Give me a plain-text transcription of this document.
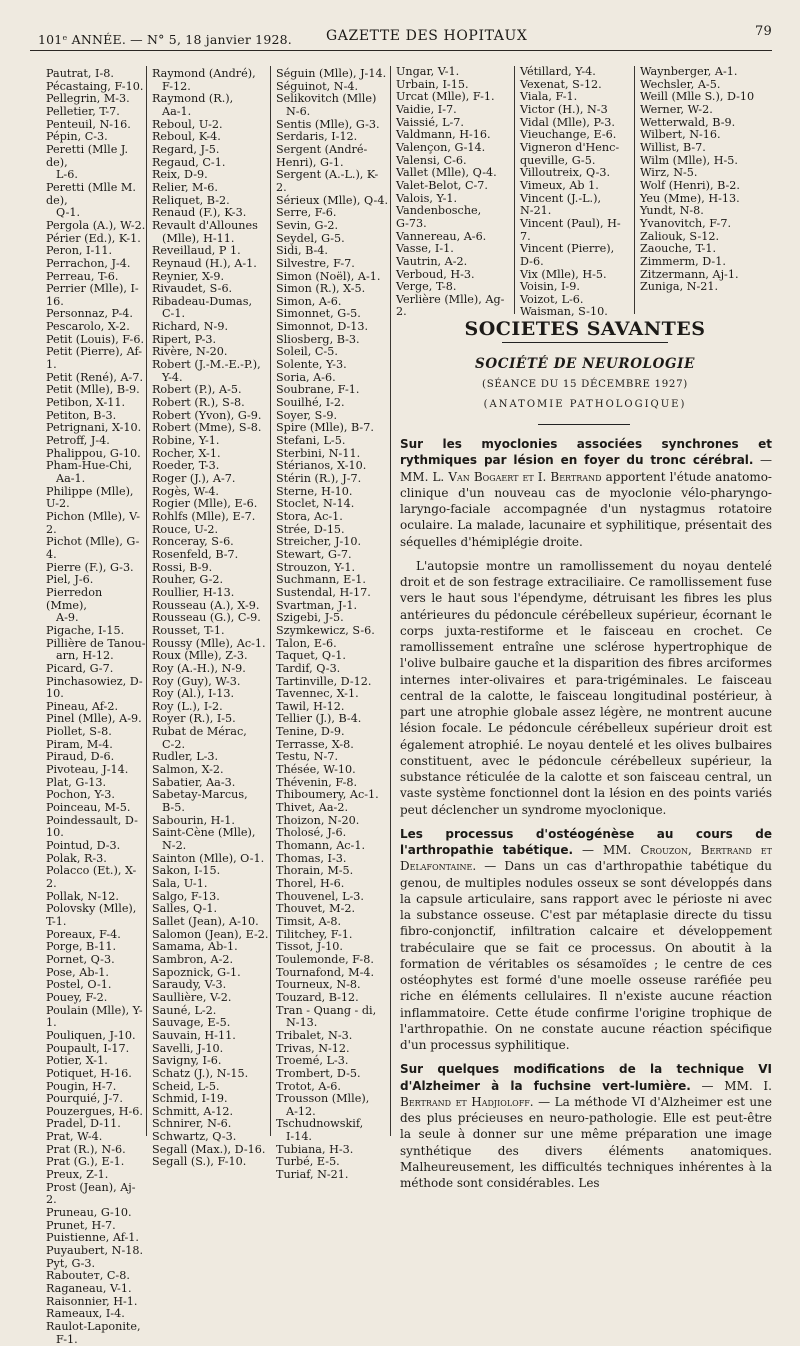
101ᵉ ANNÉE. — N° 5, 18 janvier 1928. GAZETTE DES HOPITAUX	79
Pautrat, I-8.
Pécastaing, F-10.
Pellegrin, M-3.
Pelletier, T-7.
Penteuil, N-16.
Pépin, C-3.
Peretti (Mlle J. de),
L-6.
Peretti (Mlle M. de),
Q-1.
Pergola (A.), W-2.
Périer (Ed.), K-1.
Peron, I-11.
Perrachon, J-4.
Perreau, T-6.
Perrier (Mlle), I-16.
Personnaz, P-4.
Pescarolo, X-2.
Petit (Louis), F-6.
Petit (Pierre), Af-1.
Petit (René), A-7.
Petit (Mlle), B-9.
Petibon, X-11.
Petiton, B-3.
Petrignani, X-10.
Petroff, J-4.
Phalippou, G-10.
Pham-Hue-Chi,
Aa-1.
Philippe (Mlle), U-2.
Pichon (Mlle), V-2.
Pichot (Mlle), G-4.
Pierre (F.), G-3.
Piel, J-6.
Pierredon (Mme),
A-9.
Pigache, I-15.
Pillière de Tanou-
arn, H-12.
Picard, G-7.
Pinchasowiez, D-10.
Pineau, Af-2.
Pinel (Mlle), A-9.
Piollet, S-8.
Piram, M-4.
Piraud, D-6.
Pivoteau, J-14.
Plat, G-13.
Pochon, Y-3.
Poinceau, M-5.
Poindessault, D-10.
Pointud, D-3.
Polak, R-3.
Polacco (Et.), X-2.
Pollak, N-12.
Polovsky (Mlle), T-1.
Poreaux, F-4.
Porge, B-11.
Pornet, Q-3.
Pose, Ab-1.
Postel, O-1.
Pouey, F-2.
Poulain (Mlle), Y-1.
Pouliquen, J-10.
Poupault, I-17.
Potier, X-1.
Potiquet, H-16.
Pougin, H-7.
Pourquié, J-7.
Pouzergues, H-6.
Pradel, D-11.
Prat, W-4.
Prat (R.), N-6.
Prat (G.), E-1.
Preux, Z-1.
Prost (Jean), Aj-2.
Pruneau, G-10.
Prunet, H-7.
Puistienne, Af-1.
Puyaubert, N-18.
Pyt, G-3.
Rabouteт, C-8.
Raganeau, V-1.
Raisonnier, H-1.
Rameaux, I-4.
Raulot-Laponite,
F-1.
Raymond (André),
F-12.
Raymond (R.),
Aa-1.
Reboul, U-2.
Reboul, K-4.
Regard, J-5.
Regaud, C-1.
Reix, D-9.
Relier, M-6.
Reliquet, B-2.
Renaud (F.), K-3.
Revault d'Allounes
(Mlle), H-11.
Reveillaud, P 1.
Reynaud (H.), A-1.
Reynier, X-9.
Rivaudet, S-6.
Ribadeau-Dumas,
C-1.
Richard, N-9.
Ripert, P-3.
Rivère, N-20.
Robert (J.-M.-E.-P.),
Y-4.
Robert (P.), A-5.
Robert (R.), S-8.
Robert (Yvon), G-9.
Robert (Mme), S-8.
Robine, Y-1.
Rocher, X-1.
Roeder, T-3.
Roger (J.), A-7.
Rogès, W-4.
Rogier (Mlle), E-6.
Rohlfs (Mlle), E-7.
Rouce, U-2.
Ronceray, S-6.
Rosenfeld, B-7.
Rossi, B-9.
Rouher, G-2.
Roullier, H-13.
Rousseau (A.), X-9.
Rousseau (G.), C-9.
Rousset, T-1.
Roussy (Mlle), Ac-1.
Roux (Mlle), Z-3.
Roy (A.-H.), N-9.
Roy (Guy), W-3.
Roy (Al.), I-13.
Roy (L.), I-2.
Royer (R.), I-5.
Rubat de Mérac,
C-2.
Rudler, L-3.
Salmon, X-2.
Sabatier, Aa-3.
Sabetay-Marcus,
B-5.
Sabourin, H-1.
Saint-Cène (Mlle),
N-2.
Sainton (Mlle), O-1.
Sakon, I-15.
Sala, U-1.
Salgo, F-13.
Salles, Q-1.
Sallet (Jean), A-10.
Salomon (Jean), E-2.
Samama, Ab-1.
Sambron, A-2.
Sapoznick, G-1.
Saraudy, V-3.
Saullière, V-2.
Sauné, L-2.
Sauvage, E-5.
Sauvain, H-11.
Savelli, J-10.
Savigny, I-6.
Schatz (J.), N-15.
Scheid, L-5.
Schmid, I-19.
Schmitt, A-12.
Schnirer, N-6.
Schwartz, Q-3.
Segall (Max.), D-16.
Segall (S.), F-10.
Séguin (Mlle), J-14.
Séguinot, N-4.
Selikovitch (Mlle)
N-6.
Sentis (Mlle), G-3.
Serdaris, I-12.
Sergent (André-
Henri), G-1.
Sergent (A.-L.), K-2.
Sérieux (Mlle), Q-4.
Serre, F-6.
Sevin, G-2.
Seydel, G-5.
Sidi, B-4.
Silvestre, F-7.
Simon (Noël), A-1.
Simon (R.), X-5.
Simon, A-6.
Simonnet, G-5.
Simonnot, D-13.
Sliosberg, B-3.
Soleil, C-5.
Solente, Y-3.
Soria, A-6.
Soubrane, F-1.
Souilhé, I-2.
Soyer, S-9.
Spire (Mlle), B-7.
Stefani, L-5.
Sterbini, N-11.
Stérianos, X-10.
Stérin (R.), J-7.
Sterne, H-10.
Stoclet, N-14.
Stora, Ac-1.
Strée, D-15.
Streicher, J-10.
Stewart, G-7.
Strouzon, Y-1.
Suchmann, E-1.
Sustendal, H-17.
Svartman, J-1.
Szigebi, J-5.
Szymkewicz, S-6.
Talon, E-6.
Taquet, Q-1.
Tardif, Q-3.
Tartinville, D-12.
Tavennec, X-1.
Tawil, H-12.
Tellier (J.), B-4.
Tenine, D-9.
Terrasse, X-8.
Testu, N-7.
Thésée, W-10.
Thévenin, F-8.
Thiboumery, Ac-1.
Thivet, Aa-2.
Thoizon, N-20.
Tholosé, J-6.
Thomann, Ac-1.
Thomas, I-3.
Thorain, M-5.
Thorel, H-6.
Thouvenel, L-3.
Thouvet, M-2.
Timsit, A-8.
Tilitchey, F-1.
Tissot, J-10.
Toulemonde, F-8.
Tournafond, M-4.
Tourneux, N-8.
Touzard, B-12.
Tran - Quang - di,
N-13.
Tribalet, N-3.
Trivas, N-12.
Troemé, L-3.
Trombert, D-5.
Trotot, A-6.
Trousson (Mlle),
A-12.
Tschudnowskif,
I-14.
Tubiana, H-3.
Turbé, E-5.
Turiaf, N-21.
Ungar, V-1.
Urbain, I-15.
Urcat (Mlle), F-1.
Vaidie, I-7.
Vaissié, L-7.
Valdmann, H-16.
Valençon, G-14.
Valensi, C-6.
Vallet (Mlle), Q-4.
Valet-Belot, C-7.
Valois, Y-1.
Vandenbosche,
G-73.
Vannereau, A-6.
Vasse, I-1.
Vautrin, A-2.
Verboud, H-3.
Verge, T-8.
Verlière (Mlle), Ag-2.
Vétillard, Y-4.
Vexenat, S-12.
Viala, F-1.
Victor (H.), N-3
Vidal (Mlle), P-3.
Vieuchange, E-6.
Vigneron d'Henc-
queville, G-5.
Villoutreix, Q-3.
Vimeux, Ab 1.
Vincent (J.-L.),
N-21.
Vincent (Paul), H-7.
Vincent (Pierre),
D-6.
Vix (Mlle), H-5.
Voisin, I-9.
Voizot, L-6.
Waisman, S-10.
Waynberger, A-1.
Wechsler, A-5.
Weill (Mlle S.), D-10
Werner, W-2.
Wetterwald, B-9.
Wilbert, N-16.
Willist, B-7.
Wilm (Mlle), H-5.
Wirz, N-5.
Wolf (Henri), B-2.
Yeu (Mme), H-13.
Yundt, N-8.
Yvanovitch, F-7.
Zaliouk, S-12.
Zaouche, T-1.
Zimmerm, D-1.
Zitzermann, Aj-1.
Zuniga, N-21.
SOCIETES SAVANTES
SOCIÉTÉ DE NEUROLOGIE
(SÉANCE DU 15 DÉCEMBRE 1927)
(ANATOMIE PATHOLOGIQUE)

Sur les myoclonies associées synchrones et rythmiques par lésion en foyer du tronc cérébral. — MM. L. Van Bogaert et I. Bertrand apportent l'étude anatomo-clinique d'un nouveau cas de myoclonie vélo-pharyngo-laryngo-faciale accompagnée d'un nystagmus rotatoire oculaire. La malade, lacunaire et syphilitique, présentait des séquelles d'hémiplégie droite.

L'autopsie montre un ramollissement du noyau dentelé droit et de son festrage extraciliaire. Ce ramollissement fuse vers le haut sous l'épendyme, détruisant les fibres les plus antérieures du pédoncule cérébelleux supérieur, écornant le corps juxta-restiforme et le faisceau en crochet. Ce ramollissement entraîne une sclérose hypertrophique de l'olive bulbaire gauche et la disparition des fibres arciformes internes inter-olivaires et para-trigéminales. Le faisceau central de la calotte, le faisceau longitudinal postérieur, à part une atrophie globale assez légère, ne montrent aucune lésion focale. Le pédoncule cérébelleux supérieur droit est également atrophié. Le noyau dentelé et les olives bulbaires constituent, avec le pédoncule cérébelleux supérieur, la substance réticulée de la calotte et son faisceau central, un vaste système fonctionnel dont la lésion en des points variés peut déclencher un syndrome myoclonique.

Les processus d'ostéogénèse au cours de l'arthropathie tabétique. — MM. Crouzon, Bertrand et Delafontaine. — Dans un cas d'arthropathie tabétique du genou, de multiples nodules osseux se sont développés dans la capsule articulaire, sans rapport avec le périoste ni avec la substance osseuse. C'est par métaplasie directe du tissu fibro-conjonctif, infiltration calcaire et développement trabéculaire que se fait ce processus. On aboutit à la formation de véritables os sésamoïdes ; le centre de ces ostéophytes est formé d'une moelle osseuse raréfiée peu riche en éléments cellulaires. Il n'existe aucune réaction inflammatoire. Cette étude confirme l'origine trophique de l'arthropathie. On ne constate aucune réaction spécifique d'un processus syphilitique.

Sur quelques modifications de la technique VI d'Alzheimer à la fuchsine vert-lumière. — MM. I. Bertrand et Hadjioloff. — La méthode VI d'Alzheimer est une des plus précieuses en neuro-pathologie. Elle est peut-être la seule à donner sur une même préparation une image synthétique des divers éléments anatomiques. Malheureusement, les difficultés techniques inhérentes à la méthode sont considérables. Les
